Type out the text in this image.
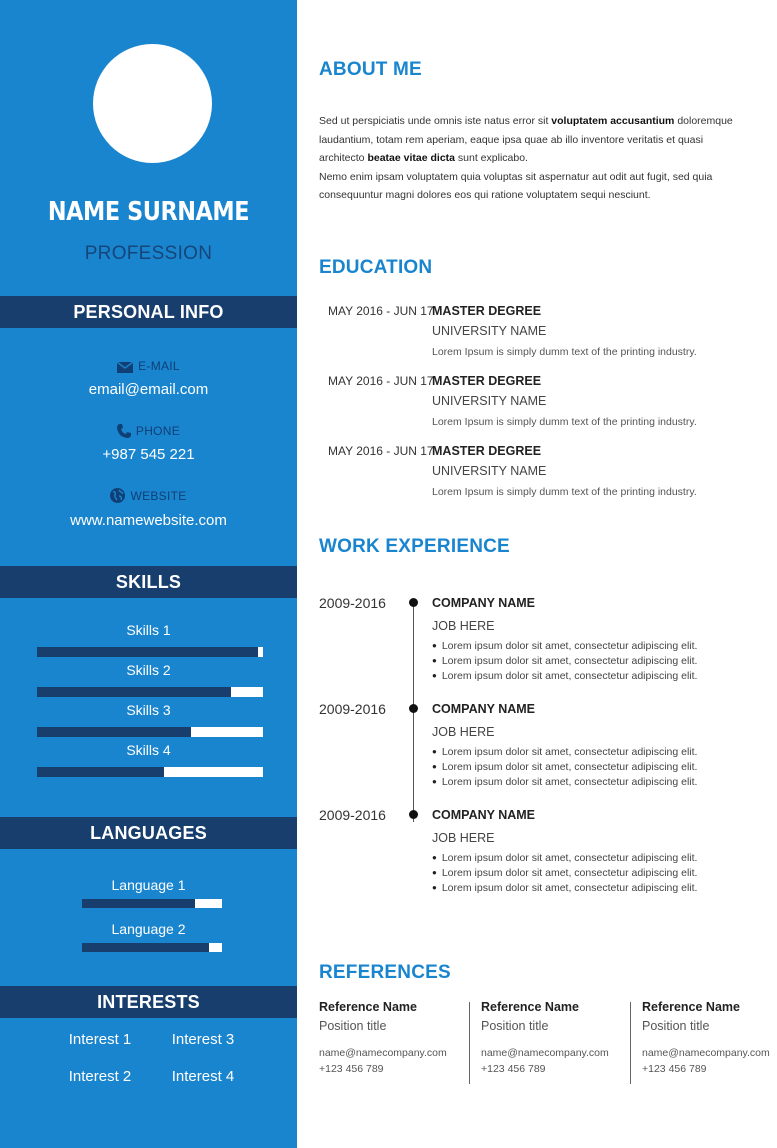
NAME SURNAME
PROFESSION
PERSONAL INFO
E-MAIL
email@email.com
PHONE
+987 545 221
WEBSITE
www.namewebsite.com
SKILLS
Skills 1
Skills 2
Skills 3
Skills 4
LANGUAGES
Language 1
Language 2
INTERESTS
Interest 1	Interest 3
Interest 2	Interest 4
ABOUT ME
Sed ut perspiciatis unde omnis iste natus error sit voluptatem accusantium doloremque laudantium, totam rem aperiam, eaque ipsa quae ab illo inventore veritatis et quasi architecto beatae vitae dicta sunt explicabo.
Nemo enim ipsam voluptatem quia voluptas sit aspernatur aut odit aut fugit, sed quia consequuntur magni dolores eos qui ratione voluptatem sequi nesciunt.
EDUCATION
MAY 2016 - JUN 17
MASTER DEGREE
UNIVERSITY NAME
Lorem Ipsum is simply dumm text of the printing industry.
MAY 2016 - JUN 17
MASTER DEGREE
UNIVERSITY NAME
Lorem Ipsum is simply dumm text of the printing industry.
MAY 2016 - JUN 17
MASTER DEGREE
UNIVERSITY NAME
Lorem Ipsum is simply dumm text of the printing industry.
WORK EXPERIENCE
2009-2016	COMPANY NAME
JOB HERE
● Lorem ipsum dolor sit amet, consectetur adipiscing elit.
● Lorem ipsum dolor sit amet, consectetur adipiscing elit.
● Lorem ipsum dolor sit amet, consectetur adipiscing elit.
2009-2016	COMPANY NAME
JOB HERE
● Lorem ipsum dolor sit amet, consectetur adipiscing elit.
● Lorem ipsum dolor sit amet, consectetur adipiscing elit.
● Lorem ipsum dolor sit amet, consectetur adipiscing elit.
2009-2016	COMPANY NAME
JOB HERE
● Lorem ipsum dolor sit amet, consectetur adipiscing elit.
● Lorem ipsum dolor sit amet, consectetur adipiscing elit.
● Lorem ipsum dolor sit amet, consectetur adipiscing elit.
REFERENCES
Reference Name
Position title
name@namecompany.com
+123 456 789
Reference Name
Position title
name@namecompany.com
+123 456 789
Reference Name
Position title
name@namecompany.com
+123 456 789
